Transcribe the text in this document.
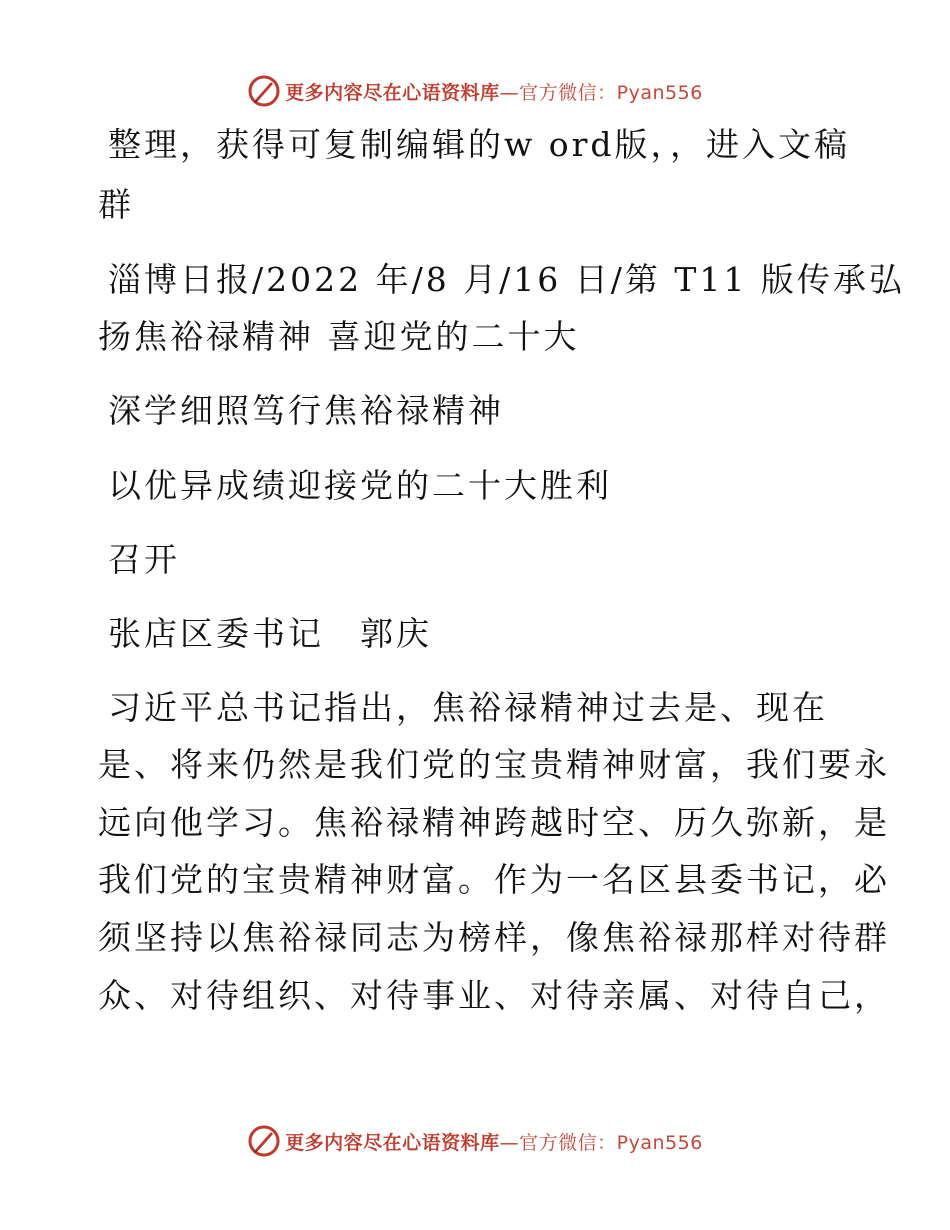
更多内容尽在心语资料库—官方微信：Pyan556
整理，获得可复制编辑的w ord版，，进入文稿
群
淄博日报/2022 年/8 月/16 日/第 T11 版传承弘
扬焦裕禄精神 喜迎党的二十大
深学细照笃行焦裕禄精神
以优异成绩迎接党的二十大胜利
召开
张店区委书记　郭庆
习近平总书记指出，焦裕禄精神过去是、现在
是、将来仍然是我们党的宝贵精神财富，我们要永
远向他学习。焦裕禄精神跨越时空、历久弥新，是
我们党的宝贵精神财富。作为一名区县委书记，必
须坚持以焦裕禄同志为榜样，像焦裕禄那样对待群
众、对待组织、对待事业、对待亲属、对待自己，
更多内容尽在心语资料库—官方微信：Pyan556
